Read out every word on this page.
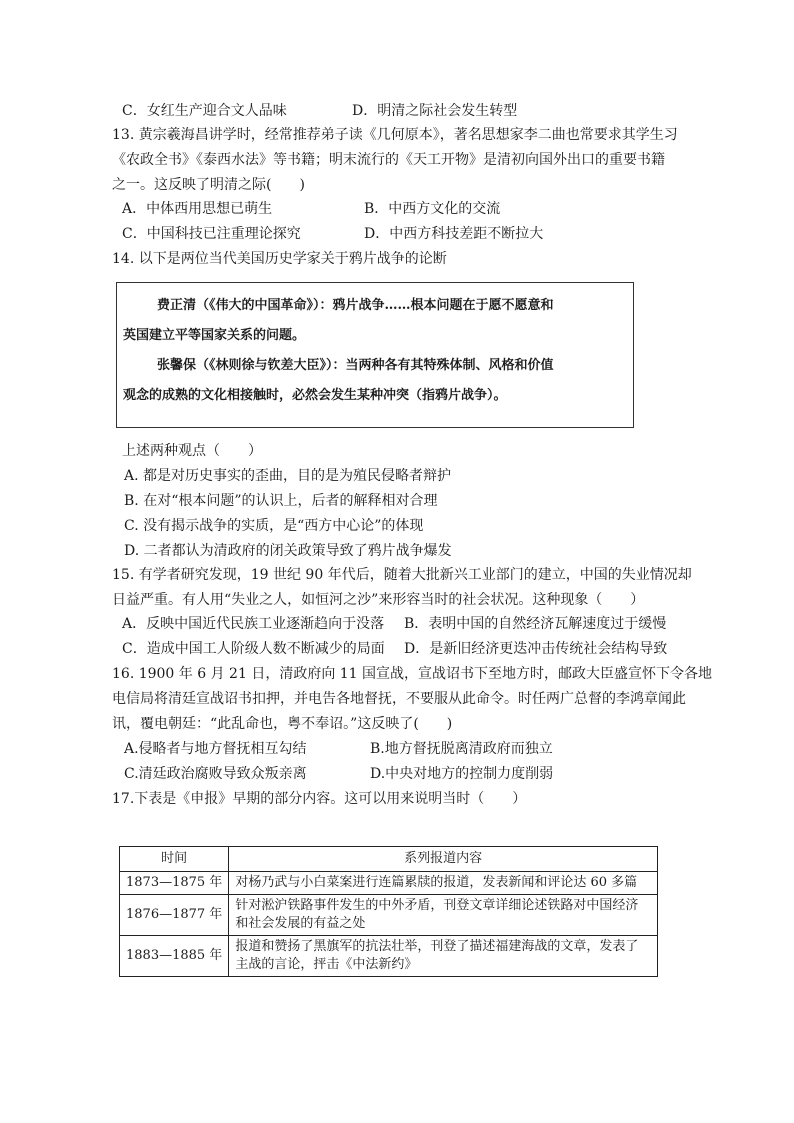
C．女红生产迎合文人品味	D．明清之际社会发生转型
13. 黄宗羲海昌讲学时，经常推荐弟子读《几何原本》，著名思想家李二曲也常要求其学生习
《农政全书》《泰西水法》等书籍；明末流行的《天工开物》是清初向国外出口的重要书籍
之一。这反映了明清之际(　　)
A．中体西用思想已萌生	B．中西方文化的交流
C．中国科技已注重理论探究	D．中西方科技差距不断拉大
14. 以下是两位当代美国历史学家关于鸦片战争的论断
费正清（《伟大的中国革命》）：鸦片战争……根本问题在于愿不愿意和
英国建立平等国家关系的问题。
张馨保（《林则徐与钦差大臣》）：当两种各有其特殊体制、风格和价值
观念的成熟的文化相接触时，必然会发生某种冲突（指鸦片战争）。
上述两种观点（　　）
A. 都是对历史事实的歪曲，目的是为殖民侵略者辩护
B. 在对“根本问题”的认识上，后者的解释相对合理
C. 没有揭示战争的实质，是“西方中心论”的体现
D. 二者都认为清政府的闭关政策导致了鸦片战争爆发
15. 有学者研究发现，19 世纪 90 年代后，随着大批新兴工业部门的建立，中国的失业情况却
日益严重。有人用“失业之人，如恒河之沙”来形容当时的社会状况。这种现象（　　）
A．反映中国近代民族工业逐渐趋向于没落 B．表明中国的自然经济瓦解速度过于缓慢
C．造成中国工人阶级人数不断减少的局面 D．是新旧经济更迭冲击传统社会结构导致
16. 1900 年 6 月 21 日，清政府向 11 国宣战，宣战诏书下至地方时，邮政大臣盛宣怀下令各地
电信局将清廷宣战诏书扣押，并电告各地督抚，不要服从此命令。时任两广总督的李鸿章闻此
讯，覆电朝廷：“此乱命也，粤不奉诏。”这反映了(　　)
A.侵略者与地方督抚相互勾结	B.地方督抚脱离清政府而独立
C.清廷政治腐败导致众叛亲离	D.中央对地方的控制力度削弱
17.下表是《申报》早期的部分内容。这可以用来说明当时（　　）
时间	系列报道内容
1873—1875 年	对杨乃武与小白菜案进行连篇累牍的报道，发表新闻和评论达 60 多篇
1876—1877 年	针对淞沪铁路事件发生的中外矛盾，刊登文章详细论述铁路对中国经济和社会发展的有益之处
1883—1885 年	报道和赞扬了黑旗军的抗法壮举，刊登了描述福建海战的文章，发表了主战的言论，抨击《中法新约》
